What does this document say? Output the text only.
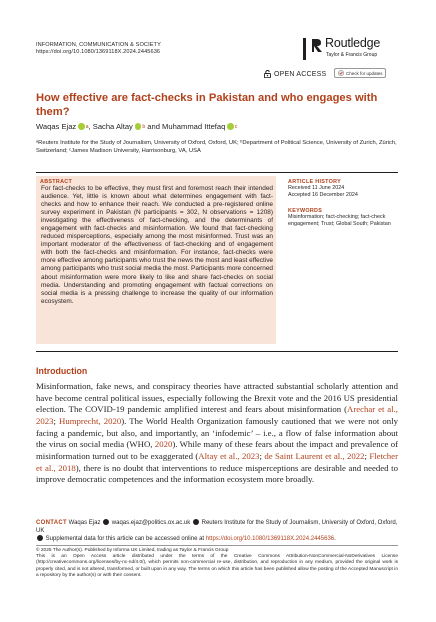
INFORMATION, COMMUNICATION & SOCIETY
https://doi.org/10.1080/1369118X.2024.2445636
Routledge
Taylor & Francis Group
OPEN ACCESS	Check for updates
How effective are fact-checks in Pakistan and who engages with them?
Waqas Ejaz a , Sacha Altay b and Muhammad Ittefaq c
ᵃReuters Institute for the Study of Journalism, University of Oxford, Oxford, UK; ᵇDepartment of Political Science, University of Zurich, Zürich, Switzerland; ᶜJames Madison University, Harrisonburg, VA, USA
ABSTRACT
For fact-checks to be effective, they must first and foremost reach their intended audience. Yet, little is known about what determines engagement with fact-checks and how to enhance their reach. We conducted a pre-registered online survey experiment in Pakistan (N participants = 302, N observations = 1208) investigating the effectiveness of fact-checking, and the determinants of engagement with fact-checks and misinformation. We found that fact-checking reduced misperceptions, especially among the most misinformed. Trust was an important moderator of the effectiveness of fact-checking and of engagement with both the fact-checks and misinformation. For instance, fact-checks were more effective among participants who trust the news the most and least effective among participants who trust social media the most. Participants more concerned about misinformation were more likely to like and share fact-checks on social media. Understanding and promoting engagement with factual corrections on social media is a pressing challenge to increase the quality of our information ecosystem.
ARTICLE HISTORY
Received 11 June 2024
Accepted 16 December 2024
KEYWORDS
Misinformation; fact-checking; fact-check engagement; Trust; Global South; Pakistan
Introduction

Misinformation, fake news, and conspiracy theories have attracted substantial scholarly attention and have become central political issues, especially following the Brexit vote and the 2016 US presidential election. The COVID-19 pandemic amplified interest and fears about misinformation (Arechar et al., 2023; Humprecht, 2020). The World Health Organization famously cautioned that we were not only facing a pandemic, but also, and importantly, an ‘infodemic’ – i.e., a flow of false information about the virus on social media (WHO, 2020). While many of these fears about the impact and prevalence of misinformation turned out to be exaggerated (Altay et al., 2023; de Saint Laurent et al., 2022; Fletcher et al., 2018), there is no doubt that interventions to reduce misperceptions are desirable and needed to improve democratic competences and the information ecosystem more broadly.

CONTACT Waqas Ejaz waqas.ejaz@politics.ox.ac.uk Reuters Institute for the Study of Journalism, University of Oxford, Oxford, UK
Supplemental data for this article can be accessed online at https://doi.org/10.1080/1369118X.2024.2445636.

© 2025 The Author(s). Published by Informa UK Limited, trading as Taylor & Francis Group

This is an Open Access article distributed under the terms of the Creative Commons Attribution-NonCommercial-NoDerivatives License (http://creativecommons.org/licenses/by-nc-nd/4.0/), which permits non-commercial re-use, distribution, and reproduction in any medium, provided the original work is properly cited, and is not altered, transformed, or built upon in any way. The terms on which this article has been published allow the posting of the Accepted Manuscript in a repository by the author(s) or with their consent.
